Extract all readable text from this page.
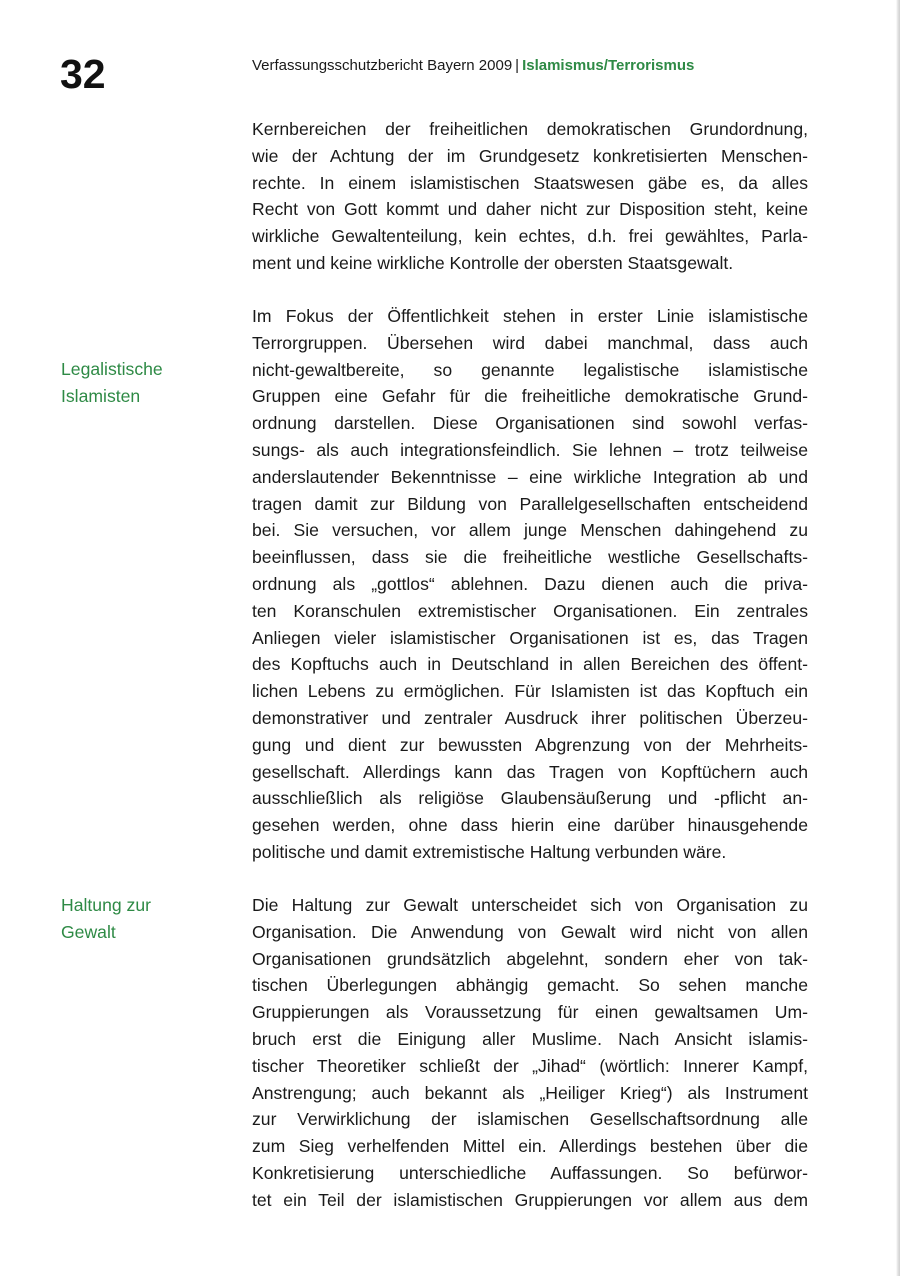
32	Verfassungsschutzbericht Bayern 2009 | Islamismus/Terrorismus

Kernbereichen der freiheitlichen demokratischen Grundordnung,
wie der Achtung der im Grundgesetz konkretisierten Menschen-
rechte. In einem islamistischen Staatswesen gäbe es, da alles
Recht von Gott kommt und daher nicht zur Disposition steht, keine
wirkliche Gewaltenteilung, kein echtes, d.h. frei gewähltes, Parla-
ment und keine wirkliche Kontrolle der obersten Staatsgewalt.

Legalistische
Islamisten

Im Fokus der Öffentlichkeit stehen in erster Linie islamistische
Terrorgruppen. Übersehen wird dabei manchmal, dass auch
nicht-gewaltbereite, so genannte legalistische islamistische
Gruppen eine Gefahr für die freiheitliche demokratische Grund-
ordnung darstellen. Diese Organisationen sind sowohl verfas-
sungs- als auch integrationsfeindlich. Sie lehnen – trotz teilweise
anderslautender Bekenntnisse – eine wirkliche Integration ab und
tragen damit zur Bildung von Parallelgesellschaften entscheidend
bei. Sie versuchen, vor allem junge Menschen dahingehend zu
beeinflussen, dass sie die freiheitliche westliche Gesellschafts-
ordnung als „gottlos“ ablehnen. Dazu dienen auch die priva-
ten Koranschulen extremistischer Organisationen. Ein zentrales
Anliegen vieler islamistischer Organisationen ist es, das Tragen
des Kopftuchs auch in Deutschland in allen Bereichen des öffent-
lichen Lebens zu ermöglichen. Für Islamisten ist das Kopftuch ein
demonstrativer und zentraler Ausdruck ihrer politischen Überzeu-
gung und dient zur bewussten Abgrenzung von der Mehrheits-
gesellschaft. Allerdings kann das Tragen von Kopftüchern auch
ausschließlich als religiöse Glaubensäußerung und -pflicht an-
gesehen werden, ohne dass hierin eine darüber hinausgehende
politische und damit extremistische Haltung verbunden wäre.

Haltung zur
Gewalt

Die Haltung zur Gewalt unterscheidet sich von Organisation zu
Organisation. Die Anwendung von Gewalt wird nicht von allen
Organisationen grundsätzlich abgelehnt, sondern eher von tak-
tischen Überlegungen abhängig gemacht. So sehen manche
Gruppierungen als Voraussetzung für einen gewaltsamen Um-
bruch erst die Einigung aller Muslime. Nach Ansicht islamis-
tischer Theoretiker schließt der „Jihad“ (wörtlich: Innerer Kampf,
Anstrengung; auch bekannt als „Heiliger Krieg“) als Instrument
zur Verwirklichung der islamischen Gesellschaftsordnung alle
zum Sieg verhelfenden Mittel ein. Allerdings bestehen über die
Konkretisierung unterschiedliche Auffassungen. So befürwor-
tet ein Teil der islamistischen Gruppierungen vor allem aus dem
